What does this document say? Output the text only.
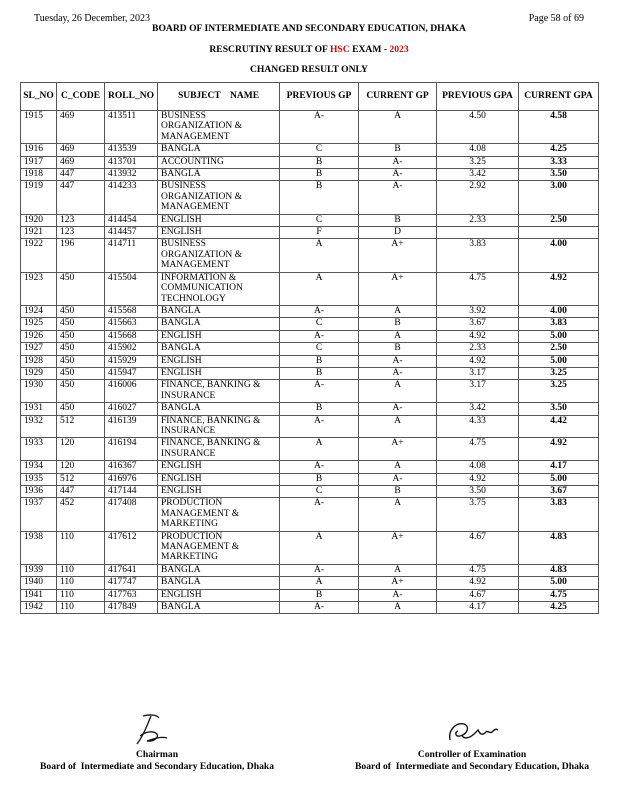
Tuesday, 26 December, 2023	Page 58 of 69
BOARD OF INTERMEDIATE AND SECONDARY EDUCATION, DHAKA
RESCRUTINY RESULT OF HSC EXAM - 2023
CHANGED RESULT ONLY
SL_NO	C_CODE	ROLL_NO	SUBJECT    NAME	PREVIOUS GP	CURRENT GP	PREVIOUS GPA	CURRENT GPA
1915	469	413511	BUSINESS
ORGANIZATION &
MANAGEMENT	A-	A	4.50	4.58
1916	469	413539	BANGLA	C	B	4.08	4.25
1917	469	413701	ACCOUNTING	B	A-	3.25	3.33
1918	447	413932	BANGLA	B	A-	3.42	3.50
1919	447	414233	BUSINESS
ORGANIZATION &
MANAGEMENT	B	A-	2.92	3.00
1920	123	414454	ENGLISH	C	B	2.33	2.50
1921	123	414457	ENGLISH	F	D		
1922	196	414711	BUSINESS
ORGANIZATION &
MANAGEMENT	A	A+	3.83	4.00
1923	450	415504	INFORMATION &
COMMUNICATION
TECHNOLOGY	A	A+	4.75	4.92
1924	450	415568	BANGLA	A-	A	3.92	4.00
1925	450	415663	BANGLA	C	B	3.67	3.83
1926	450	415668	ENGLISH	A-	A	4.92	5.00
1927	450	415902	BANGLA	C	B	2.33	2.50
1928	450	415929	ENGLISH	B	A-	4.92	5.00
1929	450	415947	ENGLISH	B	A-	3.17	3.25
1930	450	416006	FINANCE, BANKING &
INSURANCE	A-	A	3.17	3.25
1931	450	416027	BANGLA	B	A-	3.42	3.50
1932	512	416139	FINANCE, BANKING &
INSURANCE	A-	A	4.33	4.42
1933	120	416194	FINANCE, BANKING &
INSURANCE	A	A+	4.75	4.92
1934	120	416367	ENGLISH	A-	A	4.08	4.17
1935	512	416976	ENGLISH	B	A-	4.92	5.00
1936	447	417144	ENGLISH	C	B	3.50	3.67
1937	452	417408	PRODUCTION
MANAGEMENT &
MARKETING	A-	A	3.75	3.83
1938	110	417612	PRODUCTION
MANAGEMENT &
MARKETING	A	A+	4.67	4.83
1939	110	417641	BANGLA	A-	A	4.75	4.83
1940	110	417747	BANGLA	A	A+	4.92	5.00
1941	110	417763	ENGLISH	B	A-	4.67	4.75
1942	110	417849	BANGLA	A-	A	4.17	4.25
Chairman
Board of  Intermediate and Secondary Education, Dhaka
Controller of Examination
Board of  Intermediate and Secondary Education, Dhaka
